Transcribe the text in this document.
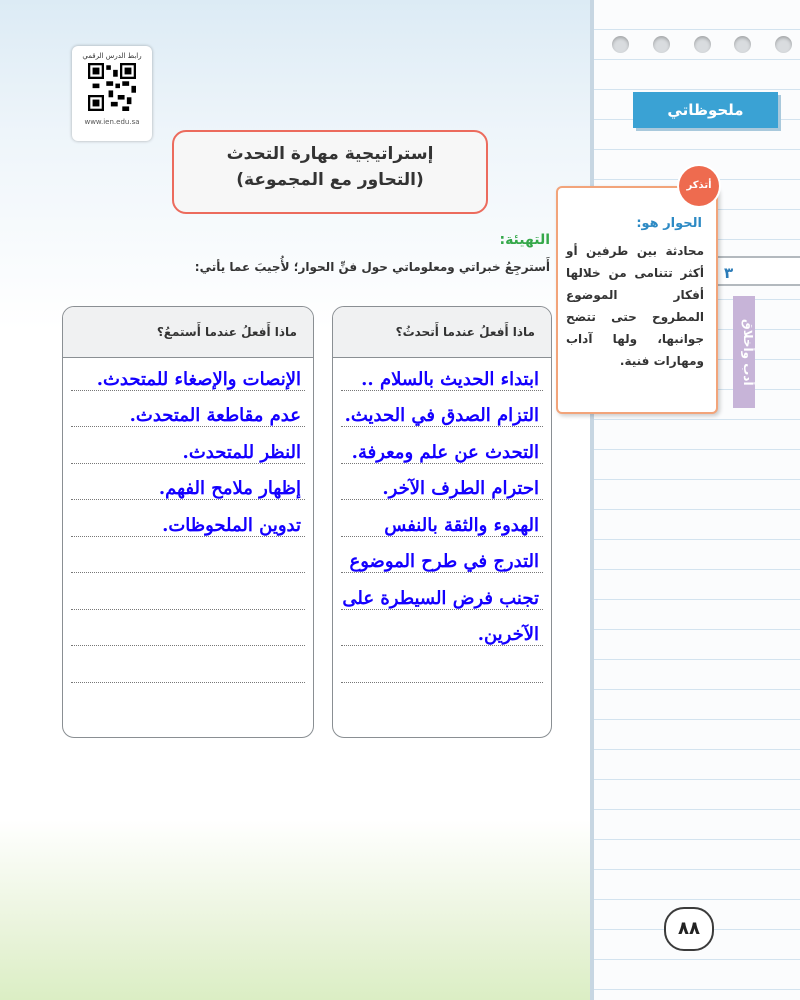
ملحوظاتي
٣
أدب وأخلاق
رابط الدرس الرقمي
www.ien.edu.sa
إستراتيجية مهارة التحدث
(التحاور مع المجموعة)
التهيئة:
أَسترجِعُ خبراتي ومعلوماتي حول فنِّ الحوار؛ لأُجيبَ عما يأتي:
الحوار هو:
محادثة بين طرفين أو أكثر تتنامى من خلالها أفكار الموضوع المطروح حتى تتضح جوانبها، ولها آداب ومهارات فنية.
أتذكر
ماذا أَفعلُ عندما أَتحدثُ؟
ابتداء الحديث بالسلام ..
التزام الصدق في الحديث.
التحدث عن علم ومعرفة.
احترام الطرف الآخر.
الهدوء والثقة بالنفس
التدرج في طرح الموضوع
تجنب فرض السيطرة على
الآخرين.
ماذا أَفعلُ عندما أَستمعُ؟
الإنصات والإصغاء للمتحدث.
عدم مقاطعة المتحدث.
النظر للمتحدث.
إظهار ملامح الفهم.
تدوين الملحوظات.
٨٨
